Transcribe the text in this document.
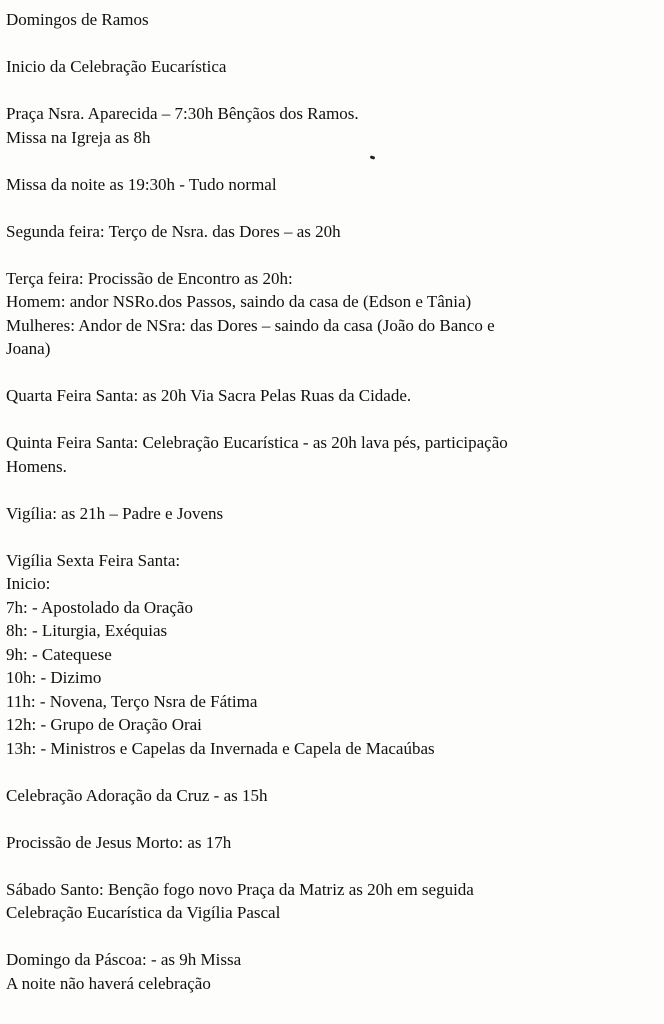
Domingos de Ramos
Inicio da Celebração Eucarística
Praça Nsra. Aparecida – 7:30h Bênçãos dos Ramos.
Missa na Igreja as 8h
Missa da noite as 19:30h - Tudo normal
Segunda feira: Terço de Nsra. das Dores – as 20h
Terça feira: Procissão de Encontro as 20h:
Homem: andor NSRo.dos Passos, saindo da casa de (Edson e Tânia)
Mulheres: Andor de NSra: das Dores – saindo da casa (João do Banco e
Joana)
Quarta Feira Santa: as 20h Via Sacra Pelas Ruas da Cidade.
Quinta Feira Santa: Celebração Eucarística - as 20h lava pés, participação
Homens.
Vigília: as 21h – Padre e Jovens
Vigília Sexta Feira Santa:
Inicio:
7h: - Apostolado da Oração
8h: - Liturgia, Exéquias
9h: - Catequese
10h: - Dizimo
11h: - Novena, Terço Nsra de Fátima
12h: - Grupo de Oração Orai
13h: - Ministros e Capelas da Invernada e Capela de Macaúbas
Celebração Adoração da Cruz - as 15h
Procissão de Jesus Morto: as 17h
Sábado Santo: Benção fogo novo Praça da Matriz as 20h em seguida
Celebração Eucarística da Vigília Pascal
Domingo da Páscoa: - as 9h Missa
A noite não haverá celebração
